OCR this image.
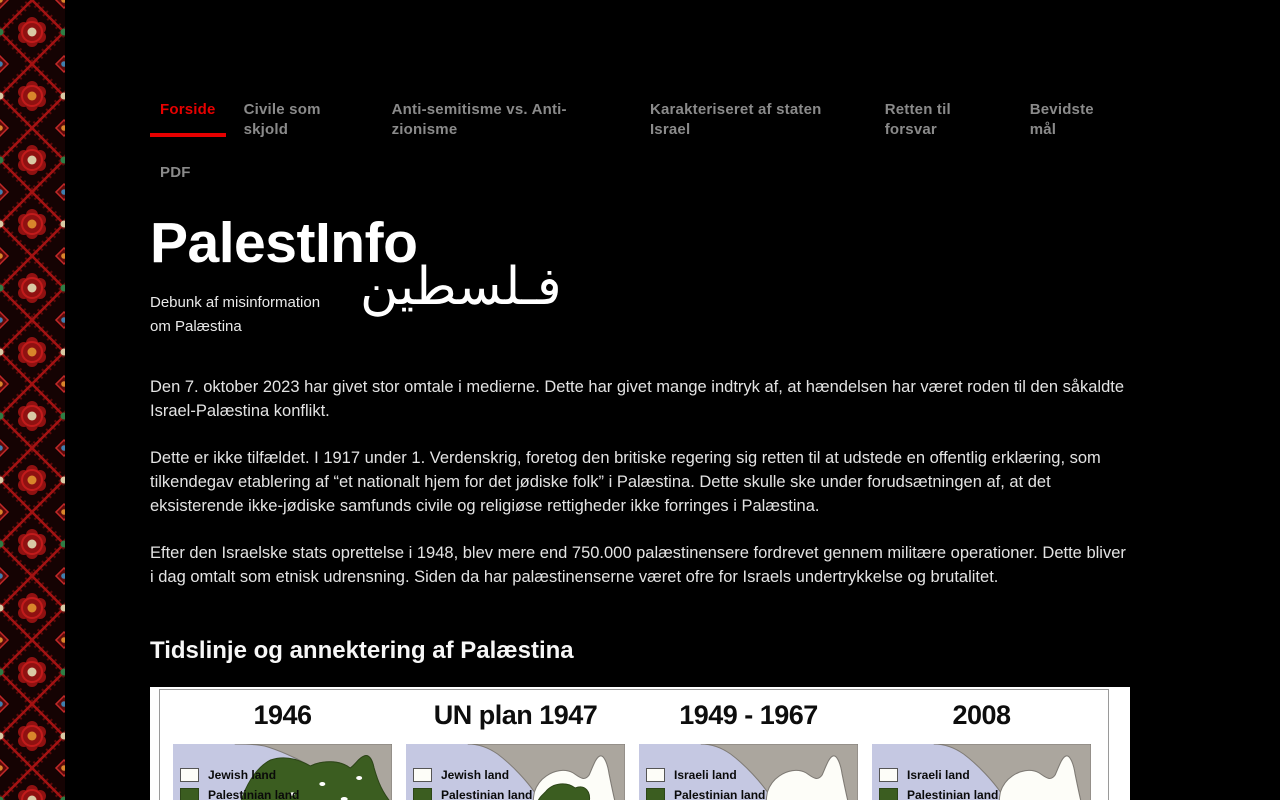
Forside	Civile som skjold
Anti-semitisme vs. Anti-zionisme
Karakteriseret af staten Israel
Retten til forsvar
Bevidste mål
PDF
PalestInfo
فـلسطين

Debunk af misinformation om Palæstina

Den 7. oktober 2023 har givet stor omtale i medierne. Dette har givet mange indtryk af, at hændelsen har været roden til den såkaldte Israel-Palæstina konflikt.

Dette er ikke tilfældet. I 1917 under 1. Verdenskrig, foretog den britiske regering sig retten til at udstede en offentlig erklæring, som tilkendegav etablering af “et nationalt hjem for det jødiske folk” i Palæstina. Dette skulle ske under forudsætningen af, at det eksisterende ikke-jødiske samfunds civile og religiøse rettigheder ikke forringes i Palæstina.

Efter den Israelske stats oprettelse i 1948, blev mere end 750.000 palæstinensere fordrevet gennem militære operationer. Dette bliver i dag omtalt som etnisk udrensning. Siden da har palæstinenserne været ofre for Israels undertrykkelse og brutalitet.

Tidslinje og annektering af Palæstina
1946
Jewish land
Palestinian land
UN plan 1947
Jewish land
Palestinian land
1949 - 1967
Israeli land
Palestinian land
2008
Israeli land
Palestinian land
